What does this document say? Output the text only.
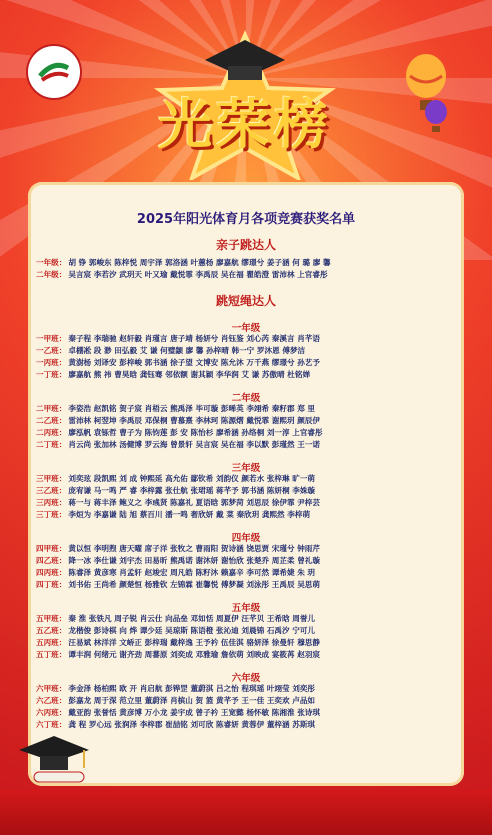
光荣榜
2025年阳光体育月各项竞赛获奖名单
亲子跳达人
一年级： 胡 铮 郭峻东 陈梓悦 周宇泽 郭洛涵 叶蕙杨 廖嘉航 缪璟兮 姜子涵 何 璐 廖 馨
二年级： 吴言宸 李若汐 武玥天 叶又瑜 戴悦霏 李禹辰 吴在福 瞿皓澄 雷沛林 上官睿彤
跳短绳达人
一年级
一甲班： 秦子程 李瑞驰 赵轩毅 肖瑾言 唐子靖 杨妍兮 肖钰鉴 刘心芮 秦溪言 肖芊语
一乙班： 卓棚凇 段 渺 田弘毅 艾 谦 何璧颛 廖 馨 孙梓晴 韩一宁 罗沐恩 傅梦洁
一丙班： 黄澍杨 刘译安 彭梓峻 郭书涵 徐子望 文博安 陈允沐 万千燕 缪璟兮 孙艺予
一丁班： 廖嘉航 熊 祎 曹昊晗 龚钰骞 邻依额 谢其颖 李华润 艾 谦 苏傲晴 杜铭婵
二年级
二甲班： 李姿浩 赵凯铭 贺子宸 肖梧云 熊禹泽 毕可璇 彭晞英 李翊希 秦籽郡 郑 里
二乙班： 雷沛林 柯翌坤 李禹辰 邓保桐 曹慕熹 李林珂 陈源熠 戴悦霏 谢熙玥 颜辰伊
二丙班： 廖泓帆 袁铄哲 曹子为 陈钧莲 彭 安 陈怡杉 廖希涵 孙络桐 刘一淳 上官睿彤
二丁班： 肖云尚 张加林 汤健博 罗云海 曾景轩 吴言宸 吴在福 李以默 彭瑾然 王一诺
三年级
三甲班： 刘奕玹 段凯熙 刘 成 钟熙延 高允佑 鄢钦希 刘韵仪 颜若水 张梓琳 旷一萌
三乙班： 庞宥谦 马一鸣 严 睿 李梓露 张仕航 张珺瑶 蒋芊予 郭书涵 陈妍桐 李姝璇
三丙班： 蒋一与 蒋丰泽 鲍义之 李彧贤 陈嘉礼 夏语晗 郭梦菏 刘思辰 徐伊霏 尹梓芸
三丁班： 李烜为 李嘉谦 陆 旭 蔡百川 潘一鸣 奢欣妍 戴 菜 秦欣玥 龚熙然 李梓萌
四年级
四甲班： 黄以恒 李明煦 唐天曜 席子洋 张牧之 曹雨阳 贺诗涵 饶思贾 宋瑾兮 钟雨芹
四乙班： 降一冰 李仕谦 刘宇杰 田易昕 熊禹诺 谢沐妍 谢怡欣 张楚乔 周芷柔 曾礼璇
四丙班： 陈睿泽 黄彦寒 肖孟轩 赵竣宏 周凡皓 陈籽沐 赖嘉辛 李可然 谭希婕 朱 玥
四丁班： 刘书佑 王尚希 颜楚恒 杨雅钦 左锦霖 崔馨悦 傅梦凝 刘泳彤 王禹辰 吴思萌
五年级
五甲班： 秦 淮 张铁凡 周子锐 肖云仕 向品垒 邓如恬 周夏伊 汪芊贝 王希晗 周誉儿
五乙班： 龙楷俊 彭诗棋 向 烨 谭少廷 吴琼斯 陈语橙 张沁迪 刘晨锦 石禹汐 宁可儿
五丙班： 汪易斌 林洋洋 文峤正 彭梓瑞 戴梓逸 王予衿 伍佳淇 骆妍泽 徐曼轩 穆思静
五丁班： 谭丰润 何绪元 谢齐劲 周蕃原 刘奕成 邓雅瑜 詹依萌 刘映成 宴筱苒 赵羽宸
六年级
六甲班： 李金泽 杨柏熙 欧 开 肖启航 彭铧罡 董蔚淇 吕之怡 程琪瑶 叶翊莹 刘奕彤
六乙班： 彭嘉龙 周于深 范立里 董蔚泽 肖槟山 贺 篮 黄芊予 王一佳 王奕欢 卢品如
六丙班： 戴亚韵 张誉恬 黄彦博 万小龙 姜宇成 曾子衿 王宽懿 杨怀敏 陈湘淮 张诗琪
六丁班： 龚 程 罗心远 张润泽 李梓郡 崔喆铭 刘可欣 陈睿妍 黄蓉伊 董梓涵 苏斯琪
